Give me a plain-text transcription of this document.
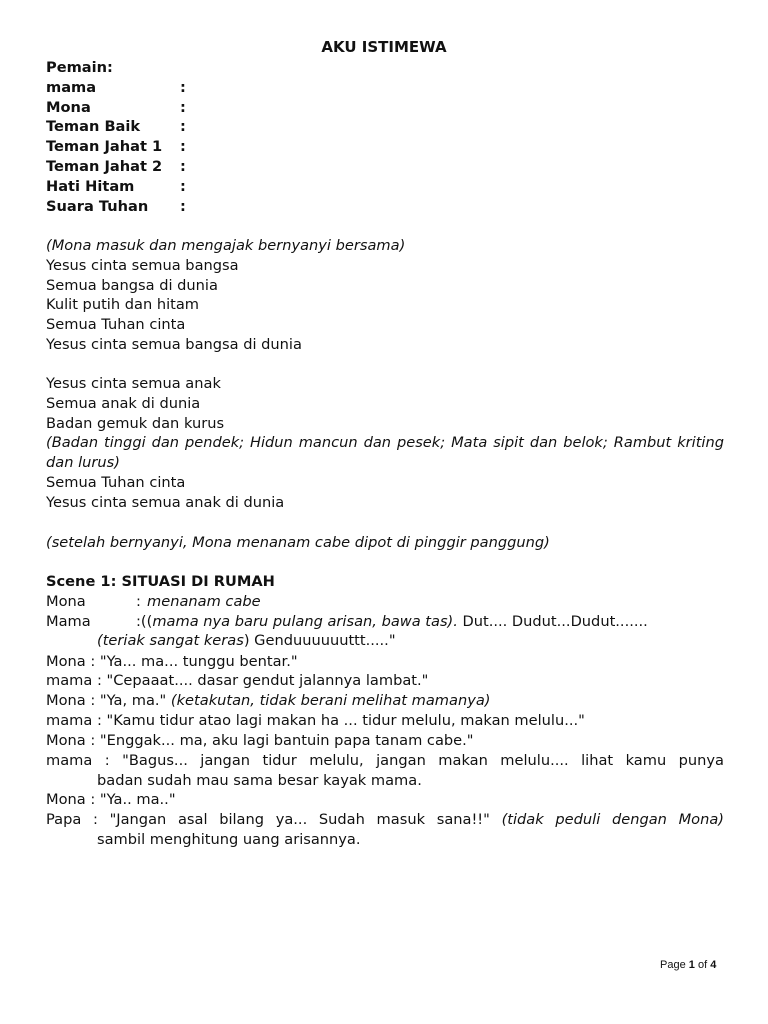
AKU ISTIMEWA
Pemain:
mama	:
Mona	:
Teman Baik	:
Teman Jahat 1 :
Teman Jahat 2 :
Hati Hitam	:
Suara Tuhan :
(Mona masuk dan mengajak bernyanyi bersama)
Yesus cinta semua bangsa
Semua bangsa di dunia
Kulit putih dan hitam
Semua Tuhan cinta
Yesus cinta semua bangsa di dunia
Yesus cinta semua anak
Semua anak di dunia
Badan gemuk dan kurus
(Badan tinggi dan pendek; Hidun mancun dan pesek; Mata sipit dan belok; Rambut kriting dan lurus)
Semua Tuhan cinta
Yesus cinta semua anak di dunia
(setelah bernyanyi, Mona menanam cabe dipot di pinggir panggung)
Scene 1: SITUASI DI RUMAH
Mona	: menanam cabe
Mama	:((mama nya baru pulang arisan, bawa tas). Dut.... Dudut...Dudut.......
(teriak sangat keras) Genduuuuuuttt....."
Mona : "Ya... ma... tunggu bentar."
mama : "Cepaaat.... dasar gendut jalannya lambat."
Mona : "Ya, ma." (ketakutan, tidak berani melihat mamanya)
mama : "Kamu tidur atao lagi makan ha ... tidur melulu, makan melulu..."
Mona : "Enggak... ma, aku lagi bantuin papa tanam cabe."
mama : "Bagus... jangan tidur melulu, jangan makan melulu.... lihat kamu punya
badan sudah mau sama besar kayak mama.
Mona : "Ya.. ma.."
Papa : "Jangan asal bilang ya... Sudah masuk sana!!" (tidak peduli dengan Mona)
sambil menghitung uang arisannya.
Page 1 of 4
